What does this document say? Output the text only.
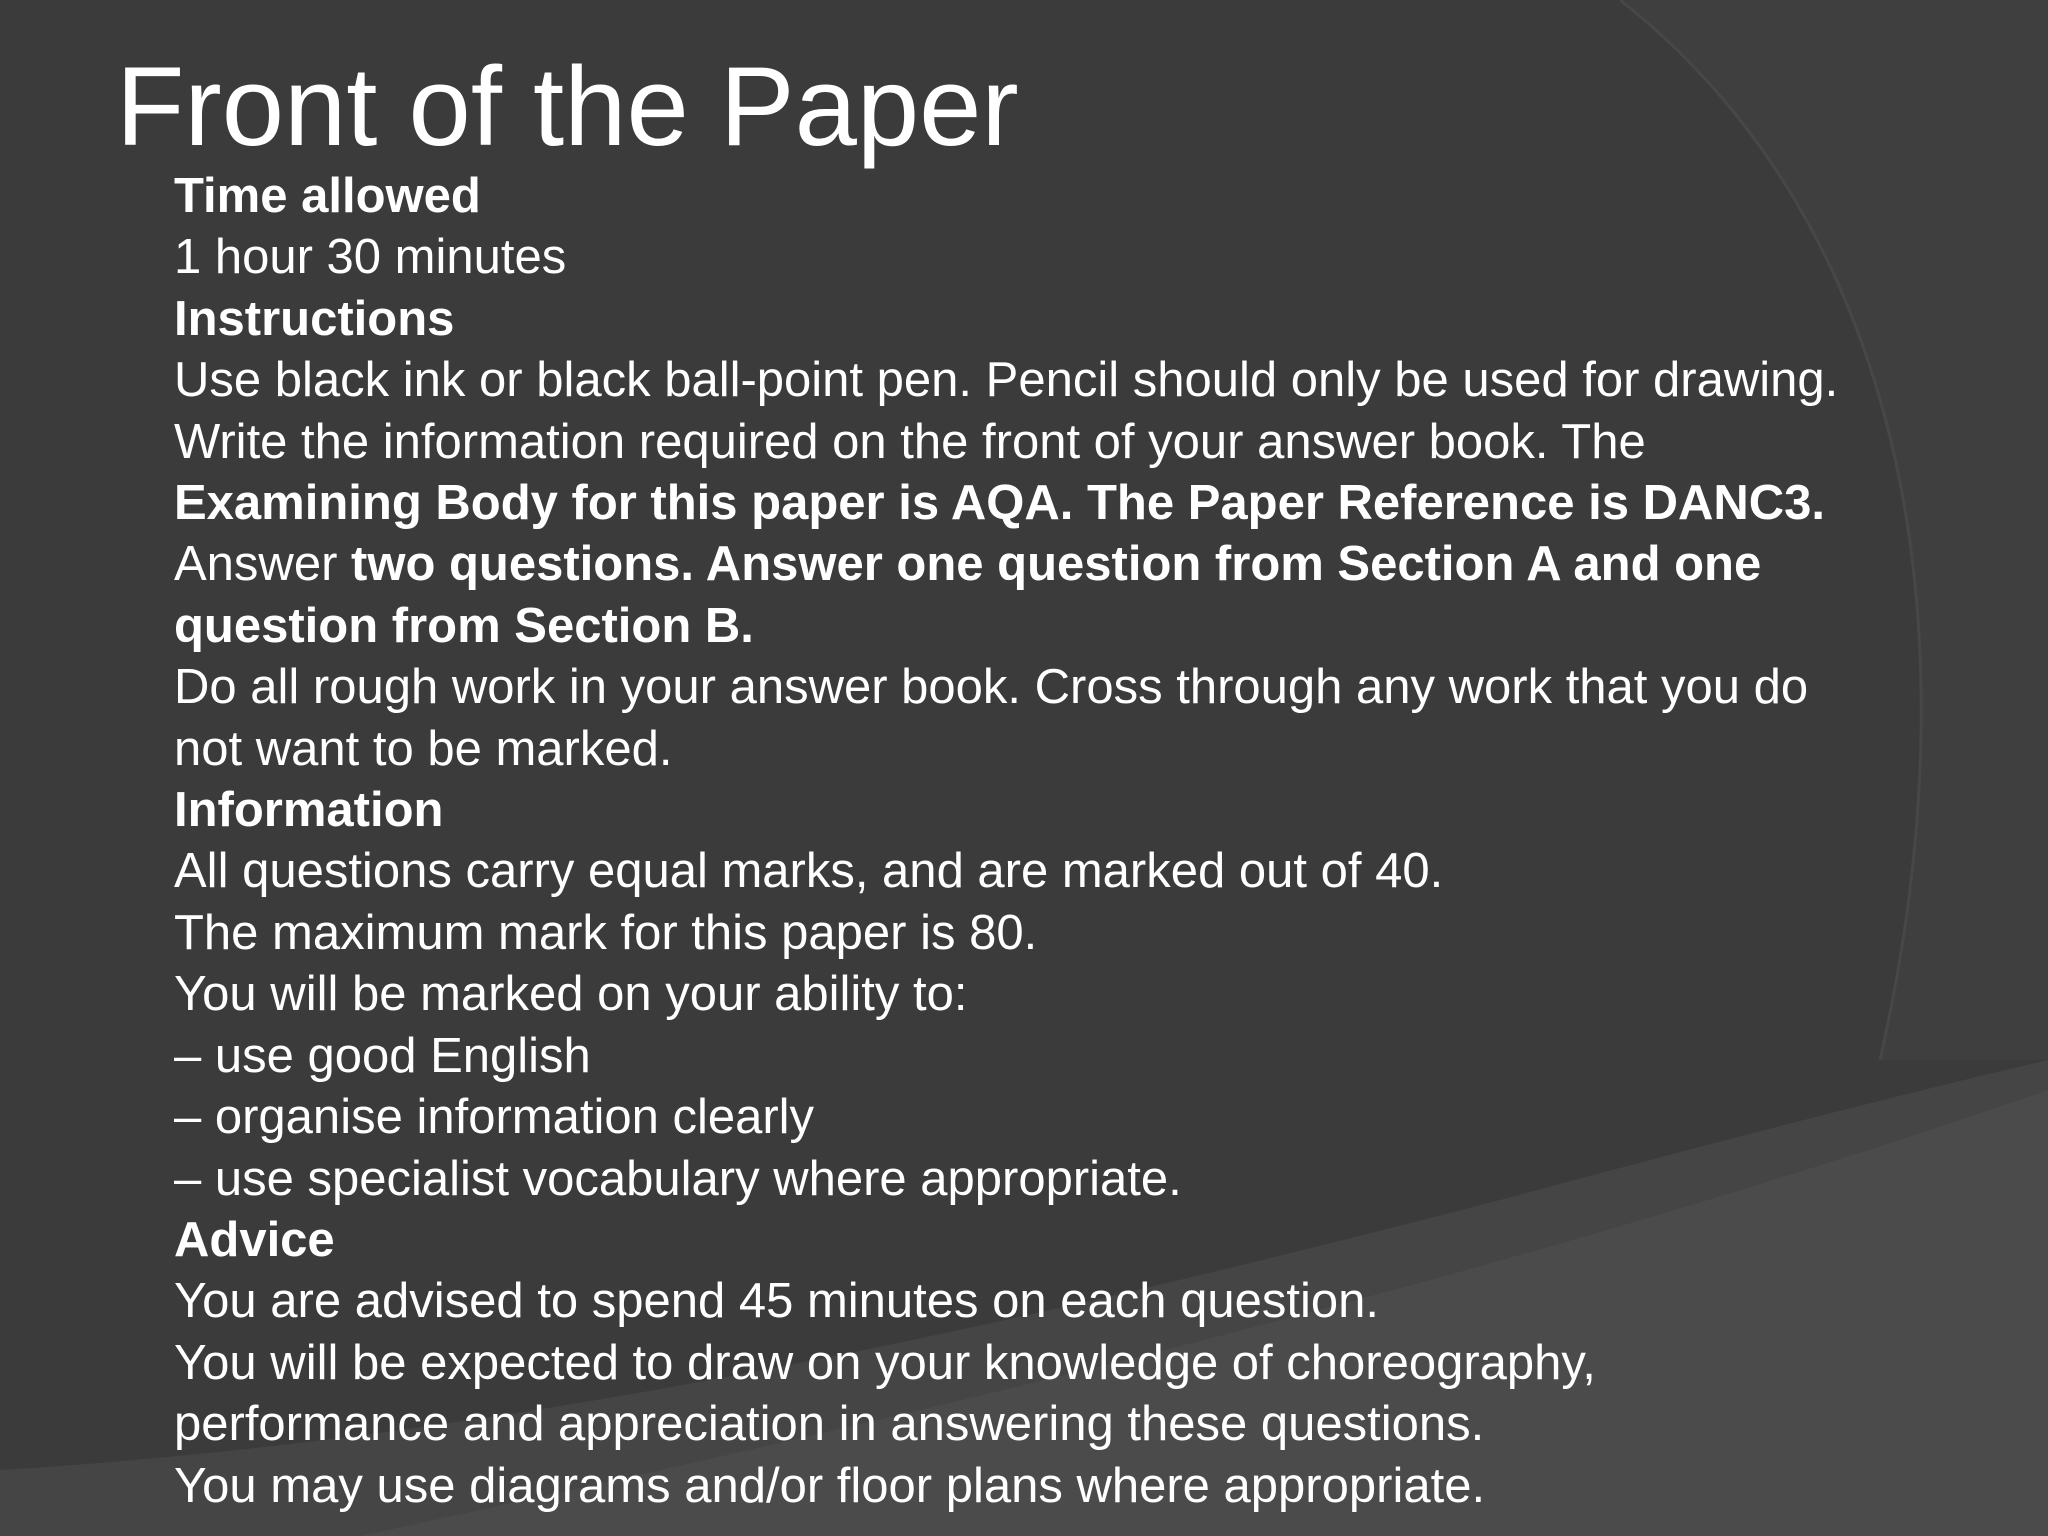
Front of the Paper
Time allowed
1 hour 30 minutes
Instructions
Use black ink or black ball-point pen. Pencil should only be used for drawing.
Write the information required on the front of your answer book. The
Examining Body for this paper is AQA. The Paper Reference is DANC3.
Answer two questions. Answer one question from Section A and one
question from Section B.
Do all rough work in your answer book. Cross through any work that you do
not want to be marked.
Information
All questions carry equal marks, and are marked out of 40.
The maximum mark for this paper is 80.
You will be marked on your ability to:
– use good English
– organise information clearly
– use specialist vocabulary where appropriate.
Advice
You are advised to spend 45 minutes on each question.
You will be expected to draw on your knowledge of choreography,
performance and appreciation in answering these questions.
You may use diagrams and/or floor plans where appropriate.
